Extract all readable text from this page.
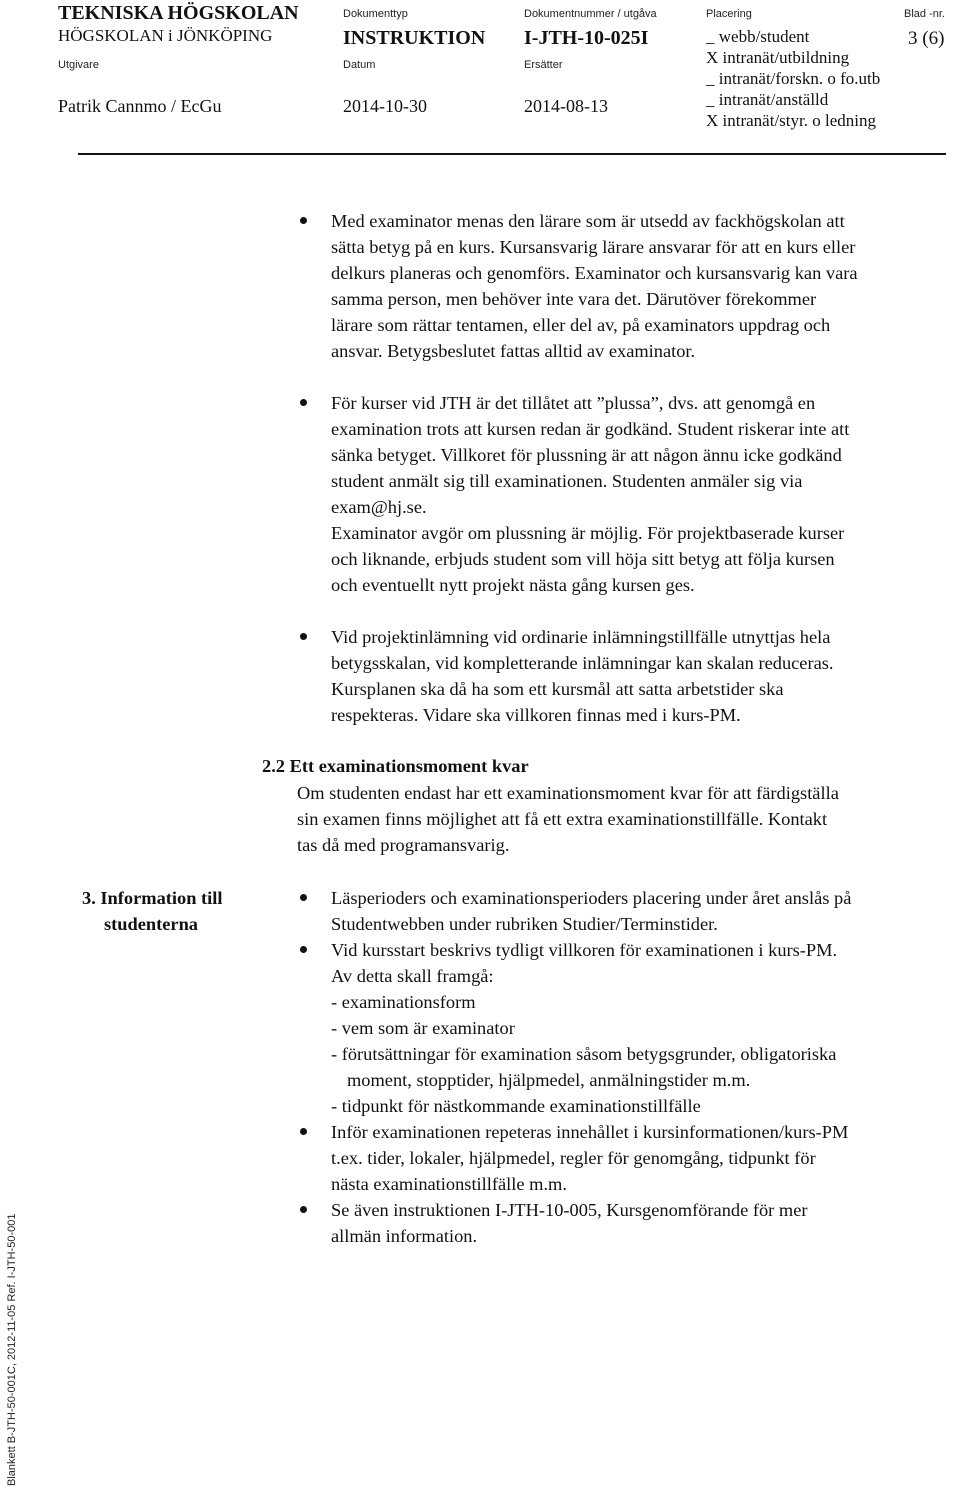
TEKNISKA HÖGSKOLAN
HÖGSKOLAN i JÖNKÖPING
Dokumenttyp
INSTRUKTION
Dokumentnummer / utgåva
I-JTH-10-025I
Placering	Blad -nr.
3 (6)
Utgivare
Patrik Cannmo / EcGu
Datum
2014-10-30
Ersätter
2014-08-13
_ webb/student
X intranät/utbildning
_ intranät/forskn. o fo.utb
_ intranät/anställd
X intranät/styr. o ledning
Med examinator menas den lärare som är utsedd av fackhögskolan att
sätta betyg på en kurs. Kursansvarig lärare ansvarar för att en kurs eller
delkurs planeras och genomförs. Examinator och kursansvarig kan vara
samma person, men behöver inte vara det. Därutöver förekommer
lärare som rättar tentamen, eller del av, på examinators uppdrag och
ansvar. Betygsbeslutet fattas alltid av examinator.
För kurser vid JTH är det tillåtet att ”plussa”, dvs. att genomgå en
examination trots att kursen redan är godkänd. Student riskerar inte att
sänka betyget. Villkoret för plussning är att någon ännu icke godkänd
student anmält sig till examinationen. Studenten anmäler sig via
exam@hj.se.
Examinator avgör om plussning är möjlig. För projektbaserade kurser
och liknande, erbjuds student som vill höja sitt betyg att följa kursen
och eventuellt nytt projekt nästa gång kursen ges.
Vid projektinlämning vid ordinarie inlämningstillfälle utnyttjas hela
betygsskalan, vid kompletterande inlämningar kan skalan reduceras.
Kursplanen ska då ha som ett kursmål att satta arbetstider ska
respekteras. Vidare ska villkoren finnas med i kurs-PM.
2.2 Ett examinationsmoment kvar
Om studenten endast har ett examinationsmoment kvar för att färdigställa
sin examen finns möjlighet att få ett extra examinationstillfälle. Kontakt
tas då med programansvarig.
3. Information till
studenterna
Läsperioders och examinationsperioders placering under året anslås på
Studentwebben under rubriken Studier/Terminstider.
Vid kursstart beskrivs tydligt villkoren för examinationen i kurs-PM.
Av detta skall framgå:
- examinationsform
- vem som är examinator
- förutsättningar för examination såsom betygsgrunder, obligatoriska
moment, stopptider, hjälpmedel, anmälningstider m.m.
- tidpunkt för nästkommande examinationstillfälle
Inför examinationen repeteras innehållet i kursinformationen/kurs-PM
t.ex. tider, lokaler, hjälpmedel, regler för genomgång, tidpunkt för
nästa examinationstillfälle m.m.
Se även instruktionen I-JTH-10-005, Kursgenomförande för mer
allmän information.
Blankett B-JTH-50-001C, 2012-11-05 Ref. I-JTH-50-001
